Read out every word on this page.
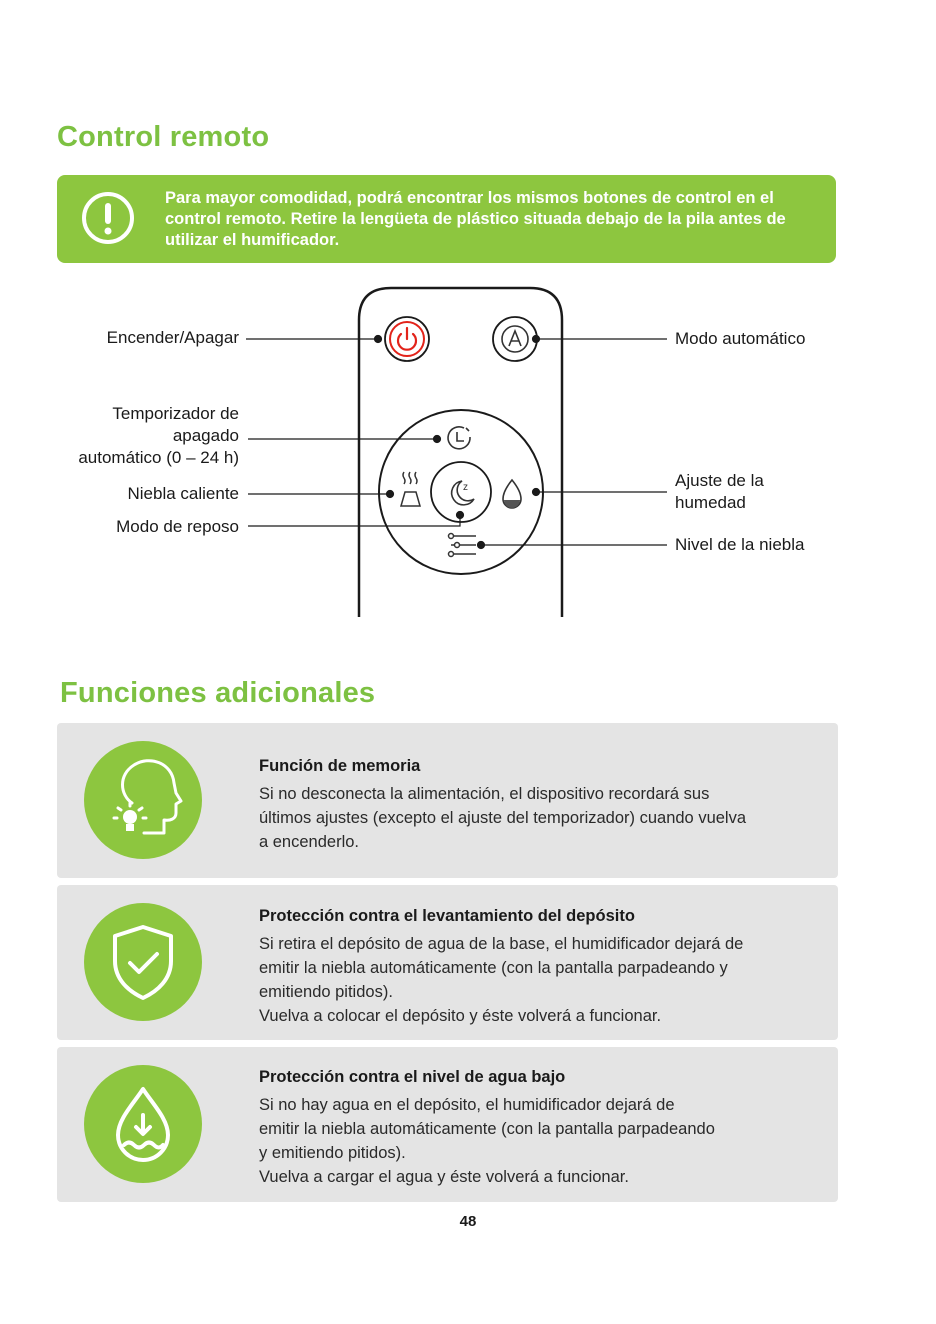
Control remoto
Para mayor comodidad, podrá encontrar los mismos botones de control en el control remoto. Retire la lengüeta de plástico situada debajo de la pila antes de utilizar el humificador.
z
Encender/Apagar
Temporizador de
apagado
automático (0 – 24 h)
Niebla caliente
Modo de reposo
Modo automático
Ajuste de la
humedad
Nivel de la niebla
Funciones adicionales
Función de memoria
Si no desconecta la alimentación, el dispositivo recordará sus
últimos ajustes (excepto el ajuste del temporizador) cuando vuelva
a encenderlo.
Protección contra el levantamiento del depósito
Si retira el depósito de agua de la base, el humidificador dejará de
emitir la niebla automáticamente (con la pantalla parpadeando y
emitiendo pitidos).
Vuelva a colocar el depósito y éste volverá a funcionar.
Protección contra el nivel de agua bajo
Si no hay agua en el depósito, el humidificador dejará de
emitir la niebla automáticamente (con la pantalla parpadeando
y emitiendo pitidos).
Vuelva a cargar el agua y éste volverá a funcionar.
48
